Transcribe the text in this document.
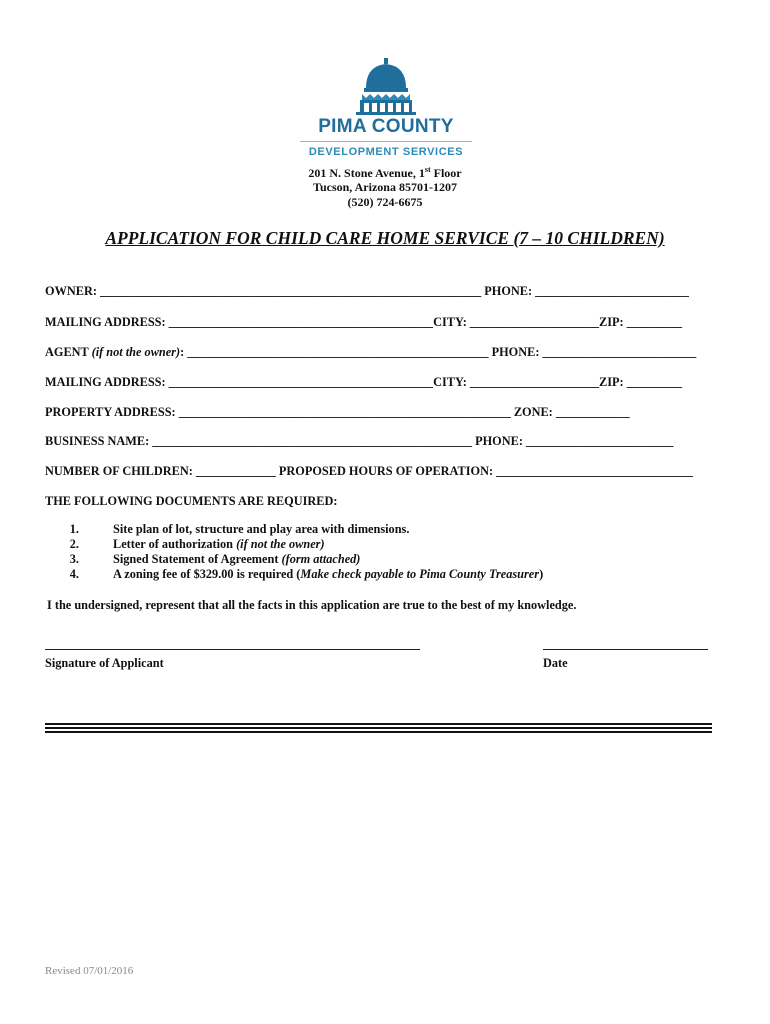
PIMA COUNTY
DEVELOPMENT SERVICES
201 N. Stone Avenue, 1st Floor
Tucson, Arizona 85701-1207
(520) 724-6675
APPLICATION FOR CHILD CARE HOME SERVICE (7 – 10 CHILDREN)
OWNER: ______________________________________________________________ PHONE: _________________________
MAILING ADDRESS: ___________________________________________CITY: _____________________ZIP: _________
AGENT (if not the owner): _________________________________________________ PHONE: _________________________
MAILING ADDRESS: ___________________________________________CITY: _____________________ZIP: _________
PROPERTY ADDRESS: ______________________________________________________ ZONE: ____________
BUSINESS NAME: ____________________________________________________ PHONE: ________________________
NUMBER OF CHILDREN: _____________ PROPOSED HOURS OF OPERATION: ________________________________
THE FOLLOWING DOCUMENTS ARE REQUIRED:
1.	Site plan of lot, structure and play area with dimensions.
2.	Letter of authorization (if not the owner)
3.	Signed Statement of Agreement (form attached)
4.	A zoning fee of $329.00 is required (Make check payable to Pima County Treasurer)
I the undersigned, represent that all the facts in this application are true to the best of my knowledge.
Signature of Applicant	Date
Revised 07/01/2016
